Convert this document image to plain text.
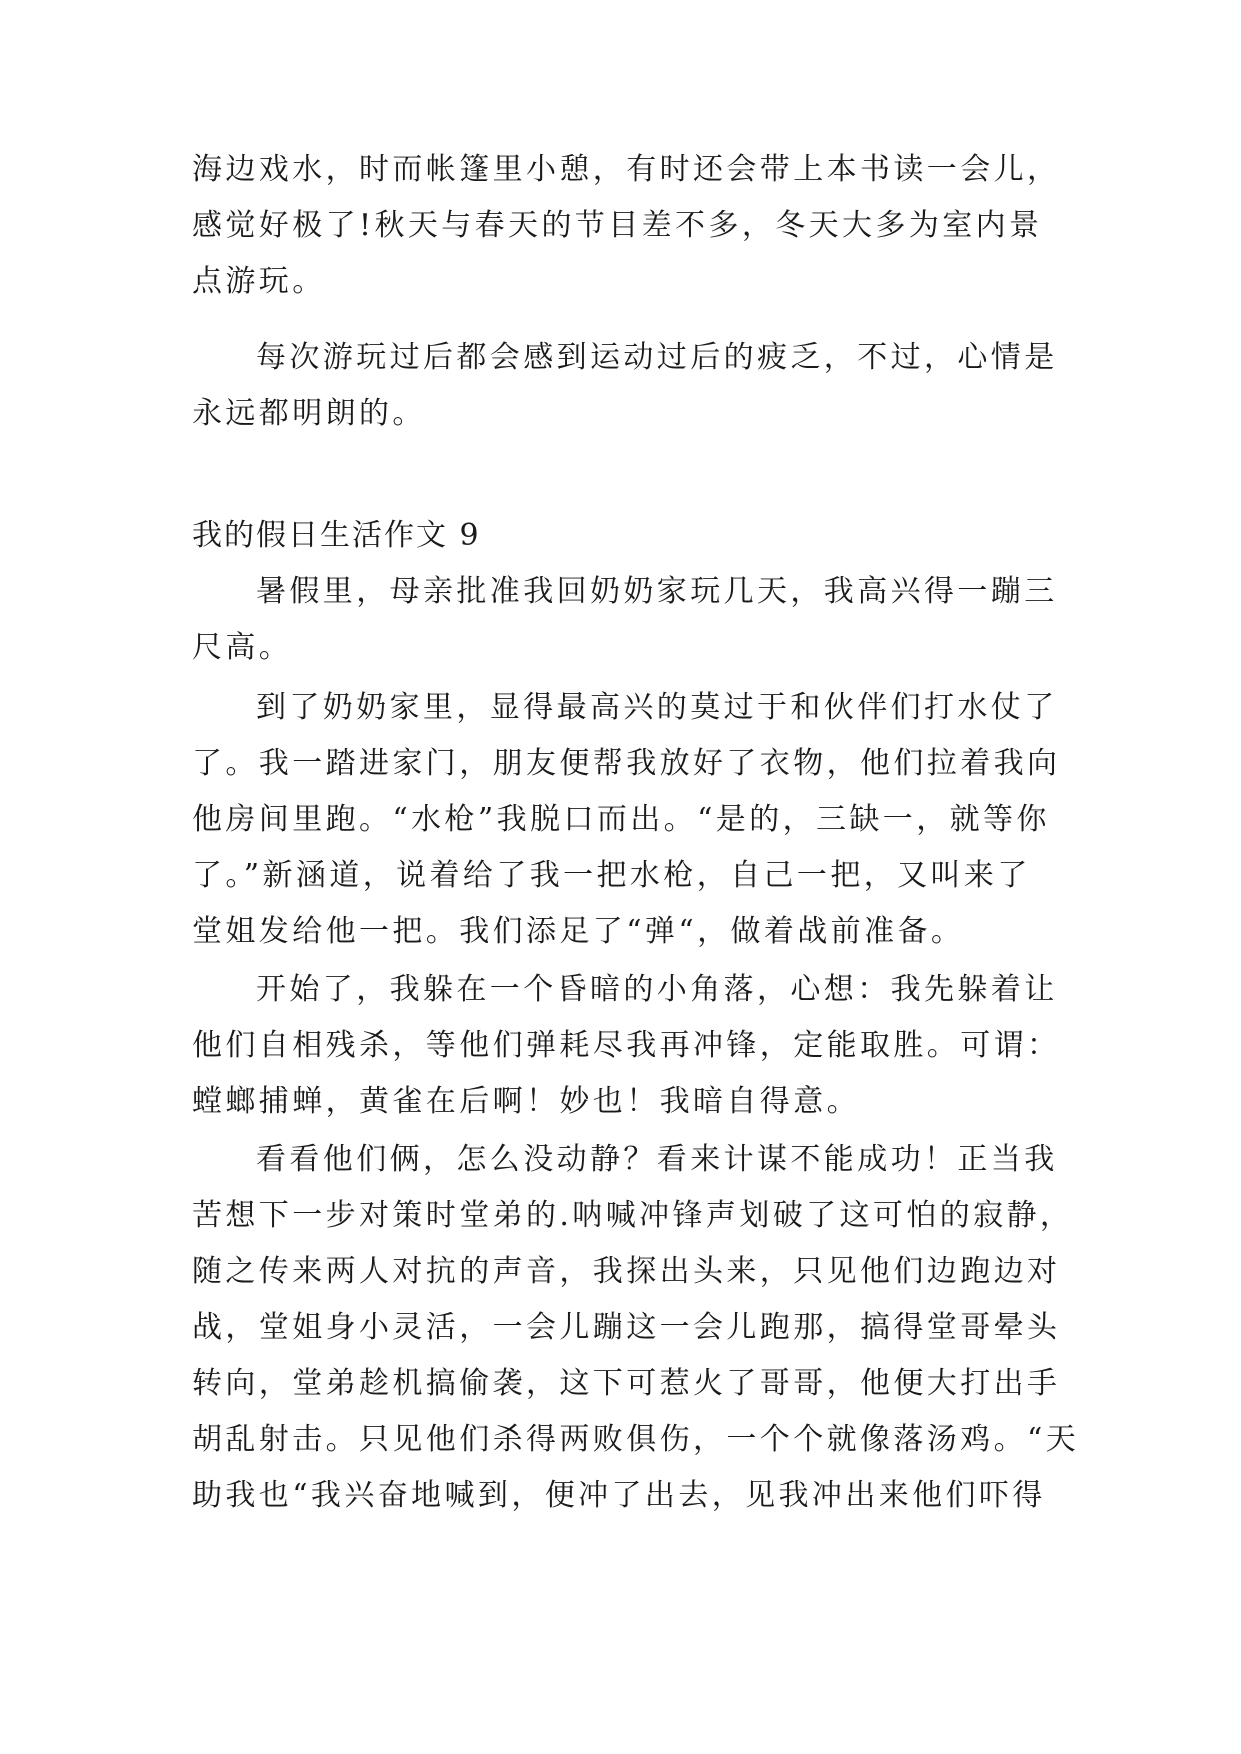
海边戏水，时而帐篷里小憩，有时还会带上本书读一会儿，
感觉好极了!秋天与春天的节目差不多，冬天大多为室内景
点游玩。
每次游玩过后都会感到运动过后的疲乏，不过，心情是
永远都明朗的。
我的假日生活作文 9
暑假里，母亲批准我回奶奶家玩几天，我高兴得一蹦三
尺高。
到了奶奶家里，显得最高兴的莫过于和伙伴们打水仗了
了。我一踏进家门，朋友便帮我放好了衣物，他们拉着我向
他房间里跑。“水枪”我脱口而出。“是的，三缺一，就等你
了。”新涵道，说着给了我一把水枪，自己一把，又叫来了
堂姐发给他一把。我们添足了“弹“，做着战前准备。
开始了，我躲在一个昏暗的小角落，心想：我先躲着让
他们自相残杀，等他们弹耗尽我再冲锋，定能取胜。可谓：
螳螂捕蝉，黄雀在后啊！妙也！我暗自得意。
看看他们俩，怎么没动静？看来计谋不能成功！正当我
苦想下一步对策时堂弟的.呐喊冲锋声划破了这可怕的寂静，
随之传来两人对抗的声音，我探出头来，只见他们边跑边对
战，堂姐身小灵活，一会儿蹦这一会儿跑那，搞得堂哥晕头
转向，堂弟趁机搞偷袭，这下可惹火了哥哥，他便大打出手
胡乱射击。只见他们杀得两败俱伤，一个个就像落汤鸡。“天
助我也“我兴奋地喊到，便冲了出去，见我冲出来他们吓得
